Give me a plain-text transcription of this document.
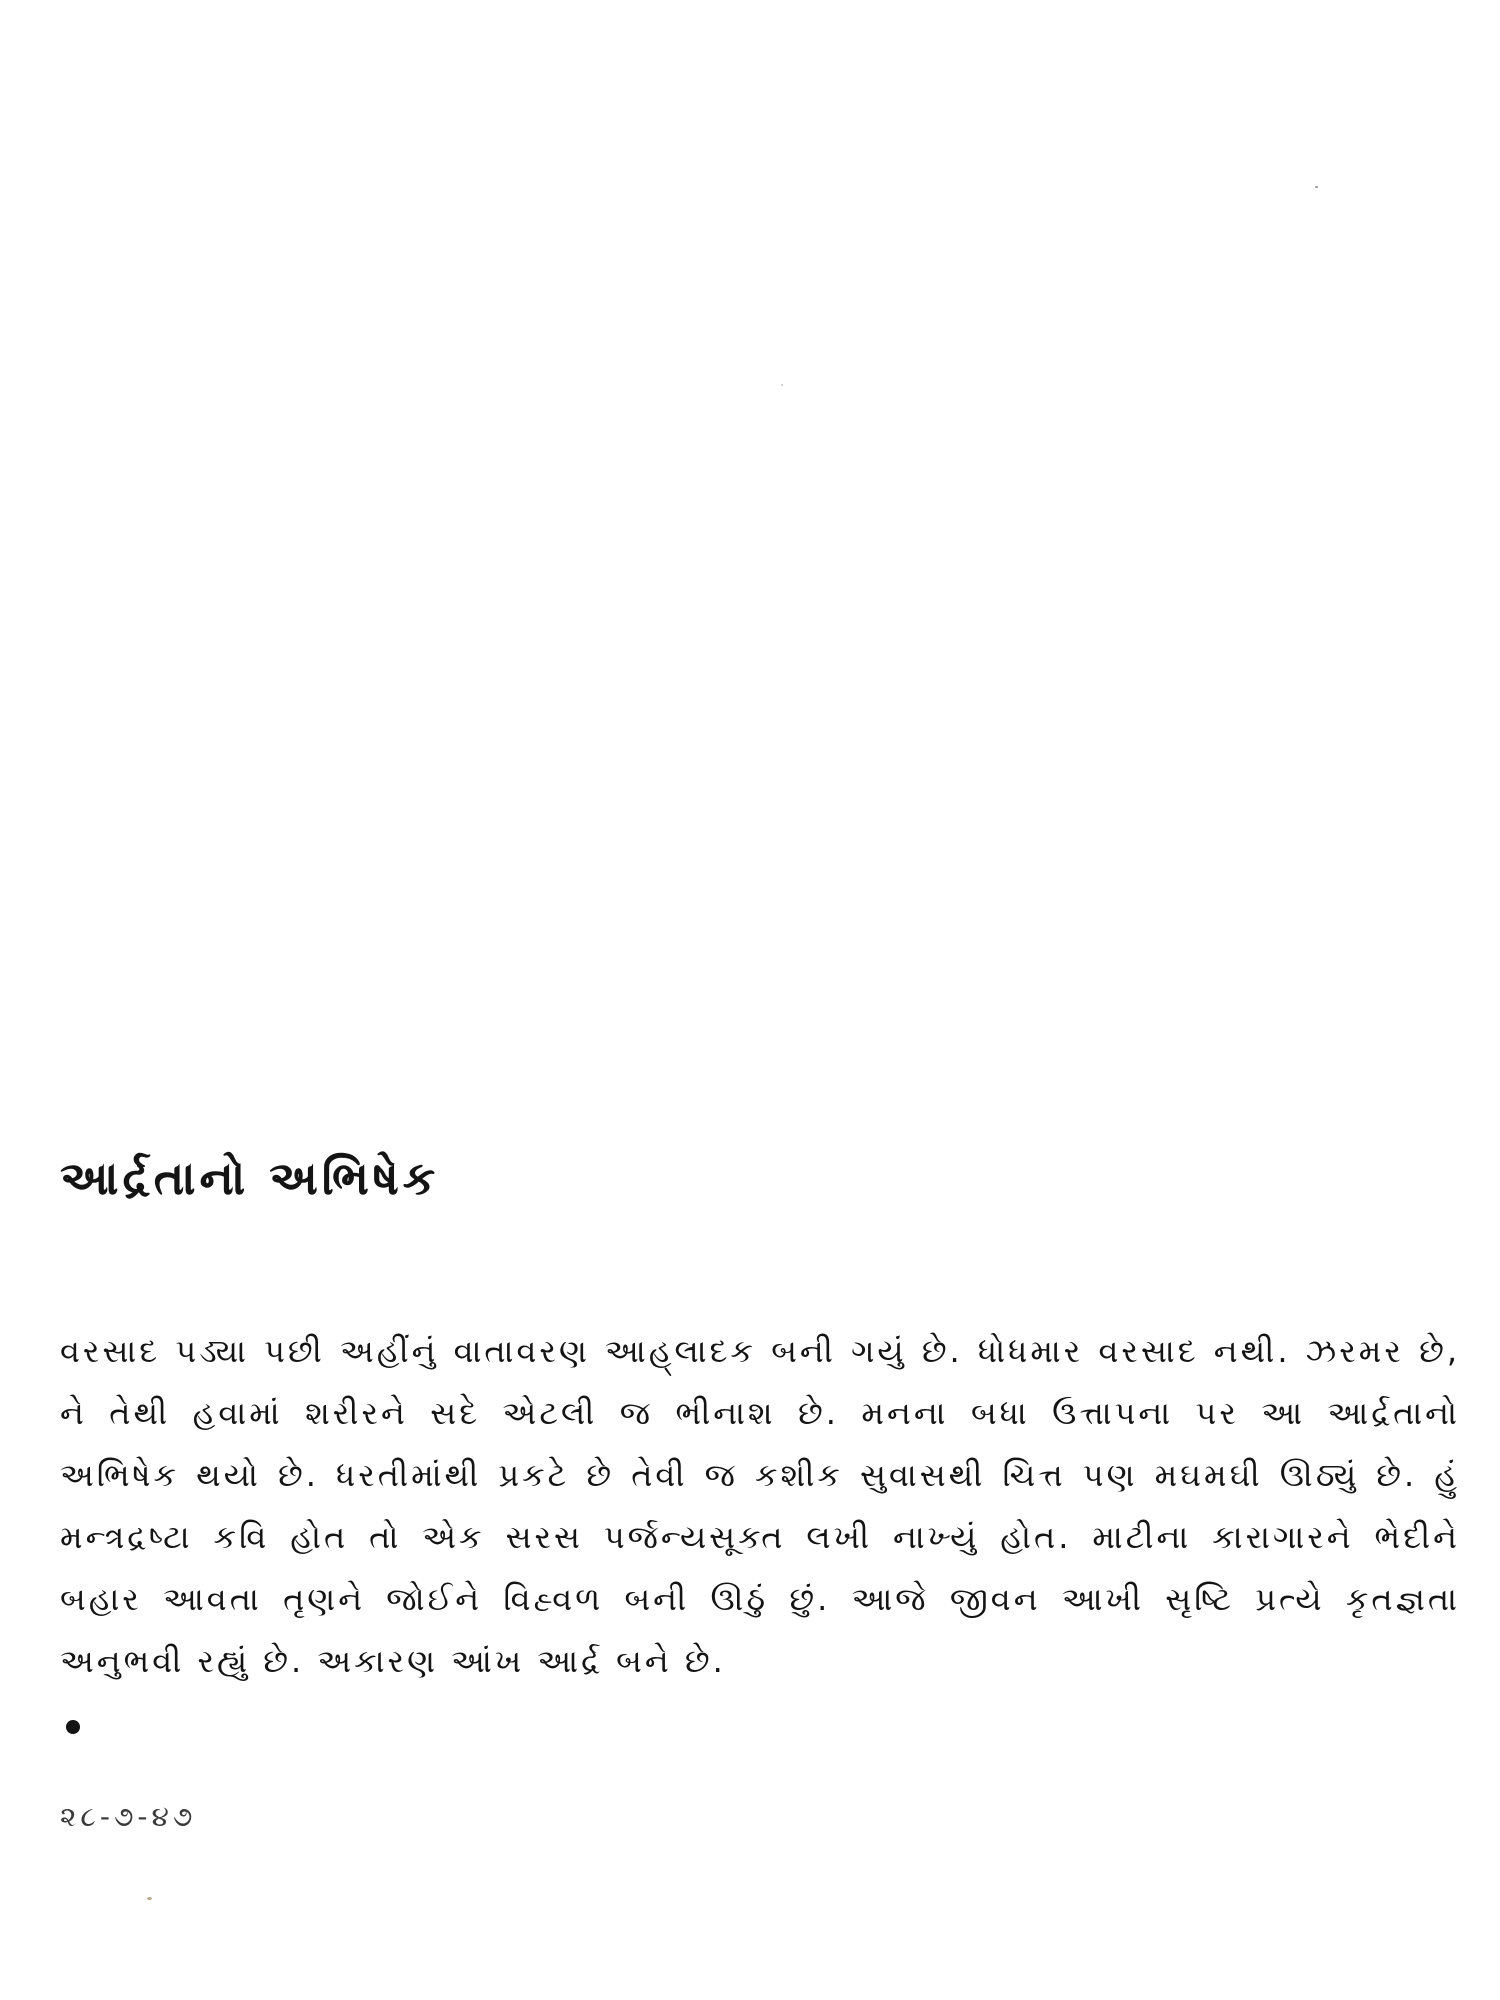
આર્દ્રતાનો અભિષેક

વરસાદ પડ્યા પછી અહીંનું વાતાવરણ આહ્‌લાદક બની ગયું છે. ધોધમાર વરસાદ નથી. ઝરમર છે, ને તેથી હવામાં શરીરને સદે એટલી જ ભીનાશ છે. મનના બધા ઉત્તાપના પર આ આર્દ્રતાનો અભિષેક થયો છે. ધરતીમાંથી પ્રકટે છે તેવી જ કશીક સુવાસથી ચિત્ત પણ મઘમઘી ઊઠ્યું છે. હું મન્ત્રદ્રષ્ટા કવિ હોત તો એક સરસ પર્જન્યસૂક્ત લખી નાખ્યું હોત. માટીના કારાગારને ભેદીને બહાર આવતા તૃણને જોઈને વિહ્વળ બની ઊઠું છું. આજે જીવન આખી સૃષ્ટિ પ્રત્યે કૃતજ્ઞતા અનુભવી રહ્યું છે. અકારણ આંખ આર્દ્ર બને છે.

૨૮-૭-૪૭
